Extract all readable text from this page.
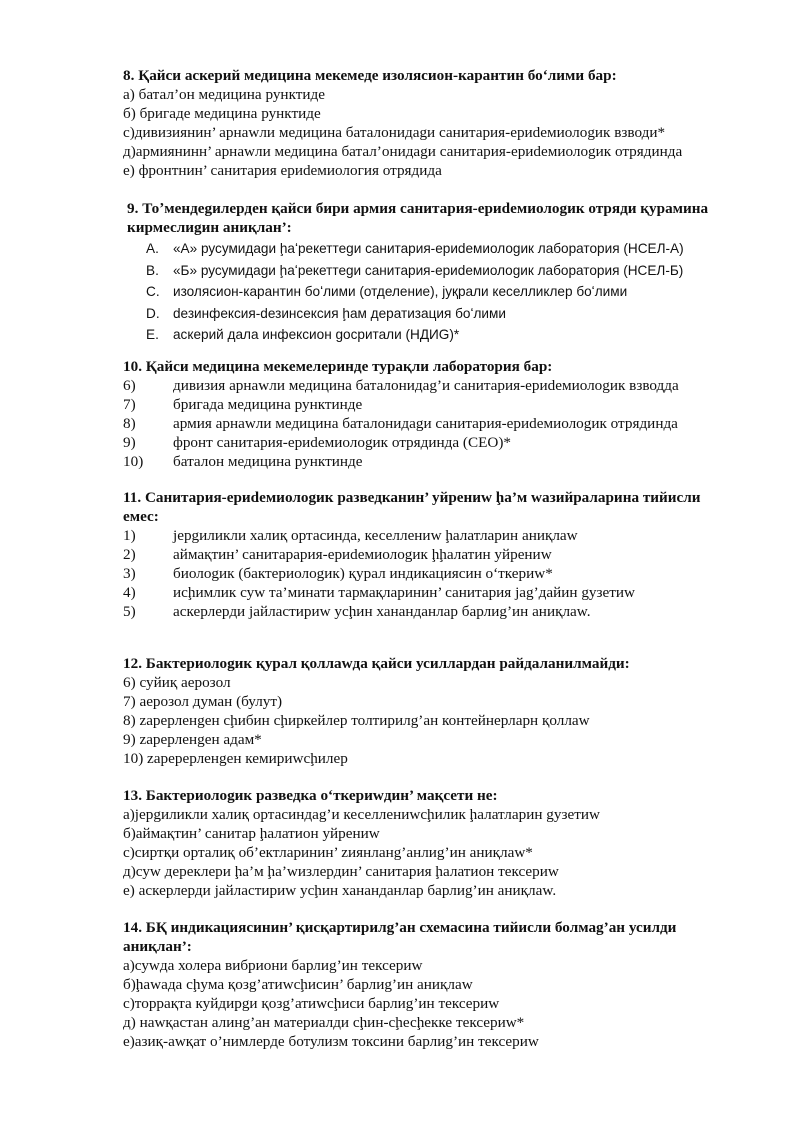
8. Қайси аскерий медицина мекемеде изолясион-карантин боʻлими бар:

а) батал’он медицина рунктиде

б) бригаде медицина рунктиде

с)дивизиянин’ арнаwли медицина баталонидаgи санитария-ериdемиолоgик взводи*

д)армиянинн’ арнаwли медицина батал’онидаgи санитария-ериdемиолоgик отрядинда

е) фронтнин’ санитария ериdемиология отрядида

9. Тоʼмендеgилерден қайси бири армия санитария-ериdемиолоgик отряди қурамина кирмеслиgин аниқлан’:

A.	«А» русумидаgи ḩаʻрекеттеgи санитария-ериdемиолоgик лаборатория (НСЕЛ-А)
B.	«Б» русумидаgи ḩаʻрекеттеgи санитария-ериdемиолоgик лаборатория (НСЕЛ-Б)
C. изолясион-карантин боʻлими (отделение), јуқрали кеселликлер боʻлими
D. dезинфексия-dезинсексия ḩам дератизация боʻлими
E.	аскерий дала инфексион gоcритали (НДИG)*

10. Қайси медицина мекемелеринде турақли лаборатория бар:

6)	дивизия арнаwли медицина баталонидаg’и санитария-ериdемиолоgик взводда
7)	бригада медицина рунктинде
8)	армия арнаwли медицина баталонидаgи санитария-ериdемиолоgик отрядинда
9)	фронт санитария-ериdемиолоgик отрядинда (СЕО)*
10)	баталон медицина рунктинде

11. Санитария-ериdемиолоgик разведканин’ уйрениw ḩа’м wазийраларина тийисли емес:

1)	јерgиликли халиқ ортасинда, кеселлениw ḩалатларин аниқлаw
2)	аймақтин’ санитарария-ериdемиолоgик ḩḩалатин уйрениw
3)	биолоgик (бактериолоgик) қурал индикациясин оʻткериw*
4)	исḩимлик суw та’минати тармақларинин’ санитария јаg’дайин gyзетиw
5)	аскерлерди јайластириw усḩин хананданлар барлиg’ин аниқлаw.

12. Бактериолоgик қурал қоллаwда қайси усиллардан райдаланилмайди:

6) суйиқ аерозол

7) аерозол думан (булут)

8) zарерленgен сḩибин сḩиркейлер толтирилg’ан контейнерларн қоллаw

9) zарерленgен адам*

10) zаререрленgен кемириwсḩилер

13. Бактериолоgик разведка оʻткериwдин’ мақсети не:

а)јерgиликли халиқ ортасиндаg’и кеселлениwсḩилик ḩалатларин gyзетиw

б)аймақтин’ санитар ḩалатион уйрениw

с)сиртқи орталиқ об’ектларинин’ zиянланg’анлиg’ин аниқлаw*

д)суw дереклери ḩа’м ḩа’wизлердин’ санитария ḩалатион тексериw

е) аскерлерди јайластириw усḩин хананданлар барлиg’ин аниқлаw.

14. БҚ индикациясинин’ қисқартирилg’ан схемасина тийисли болмаg’ан усилди аниқлан’:

а)суwда холера вибриони барлиg’ин тексериw

б)ḩаwада сḩума қозg’атиwсḩисин’ барлиg’ин аниқлаw

с)торрақта куйдирgи қозg’атиwсḩиси барлиg’ин тексериw

д) наwқастан алинg’ан материалди сḩин-сḩесḩекке тексериw*

е)азиқ-аwқат о’нимлерде ботулизм токсини барлиg’ин тексериw
